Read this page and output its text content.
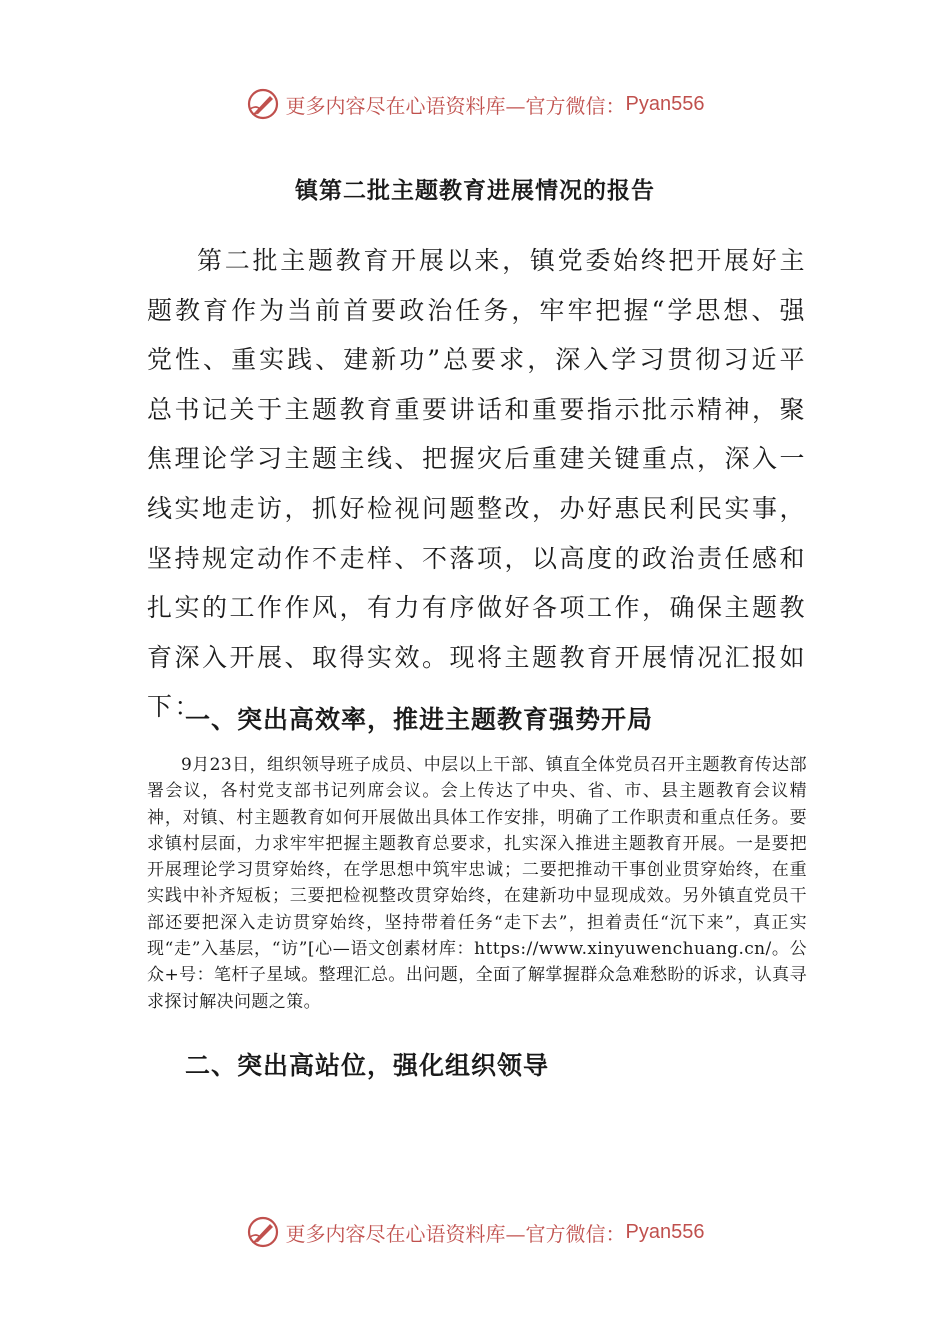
更多内容尽在心语资料库—官方微信： Pyan556
镇第二批主题教育进展情况的报告

第二批主题教育开展以来，镇党委始终把开展好主题教育作为当前首要政治任务，牢牢把握“学思想、强党性、重实践、建新功”总要求，深入学习贯彻习近平总书记关于主题教育重要讲话和重要指示批示精神，聚焦理论学习主题主线、把握灾后重建关键重点，深入一线实地走访，抓好检视问题整改，办好惠民利民实事，坚持规定动作不走样、不落项，以高度的政治责任感和扎实的工作作风，有力有序做好各项工作，确保主题教育深入开展、取得实效。现将主题教育开展情况汇报如下：

一、突出高效率，推进主题教育强势开局

9月23日，组织领导班子成员、中层以上干部、镇直全体党员召开主题教育传达部署会议，各村党支部书记列席会议。会上传达了中央、省、市、县主题教育会议精神，对镇、村主题教育如何开展做出具体工作安排，明确了工作职责和重点任务。要求镇村层面，力求牢牢把握主题教育总要求，扎实深入推进主题教育开展。一是要把开展理论学习贯穿始终，在学思想中筑牢忠诚；二要把推动干事创业贯穿始终，在重实践中补齐短板；三要把检视整改贯穿始终，在建新功中显现成效。另外镇直党员干部还要把深入走访贯穿始终，坚持带着任务“走下去”，担着责任“沉下来”，真正实现“走”入基层，“访”[心—语文创素材库：https://www.xinyuwenchuang.cn/。公众+号：笔杆子星域。整理汇总。出问题，全面了解掌握群众急难愁盼的诉求，认真寻求探讨解决问题之策。

二、突出高站位，强化组织领导
更多内容尽在心语资料库—官方微信： Pyan556
